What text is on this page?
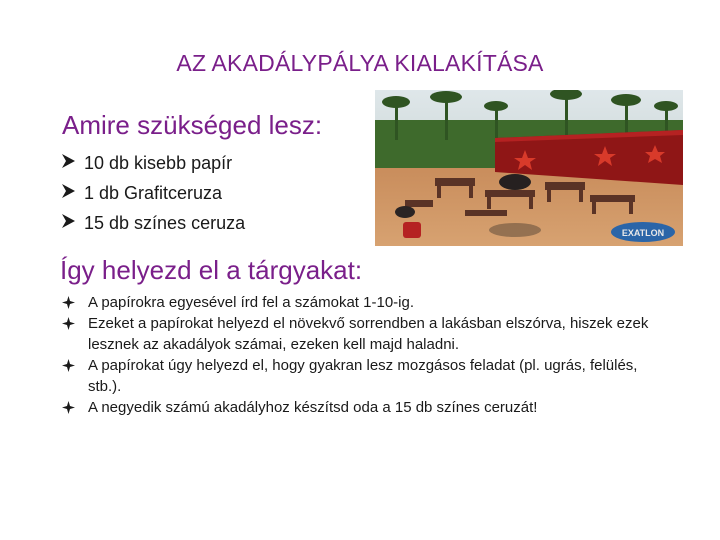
AZ AKADÁLYPÁLYA KIALAKÍTÁSA
Amire szükséged lesz:
10 db kisebb papír
1 db Grafitceruza
15 db színes ceruza	EXATLON
Így helyezd el a tárgyakat:
A papírokra egyesével írd fel a számokat 1-10-ig.
Ezeket a papírokat helyezd el növekvő sorrendben a lakásban elszórva, hiszek ezek lesznek az akadályok számai, ezeken kell majd haladni.
A papírokat úgy helyezd el, hogy gyakran lesz mozgásos feladat (pl. ugrás, felülés, stb.).
A negyedik számú akadályhoz készítsd oda a 15 db színes ceruzát!
